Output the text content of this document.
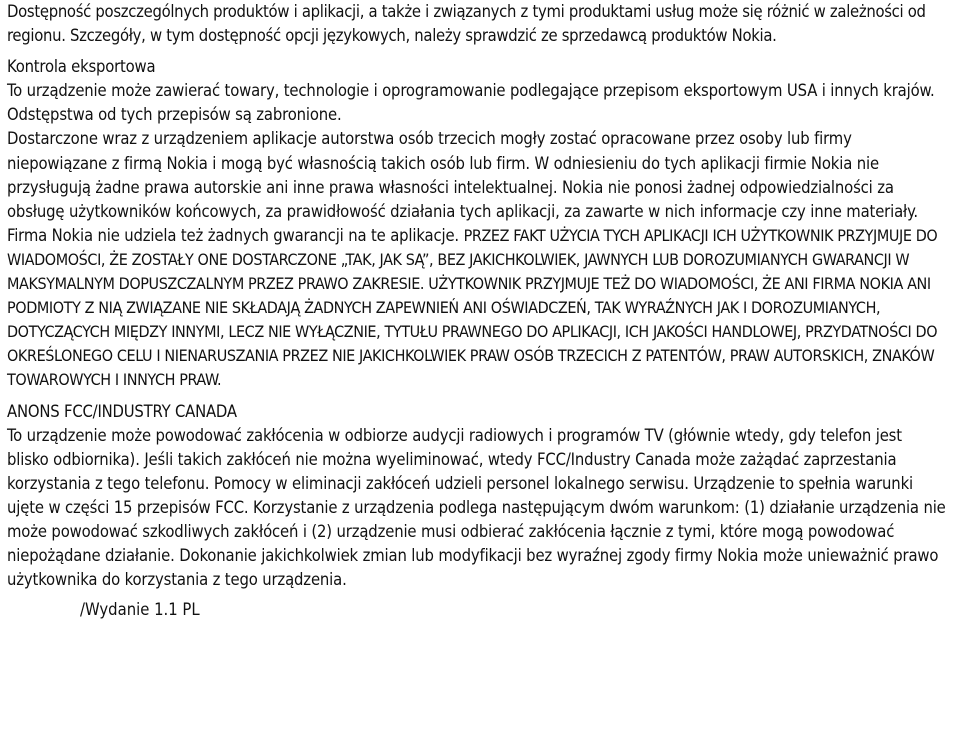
Dostępność poszczególnych produktów i aplikacji, a także i związanych z tymi produktami usług może się różnić w zależności od regionu. Szczegóły, w tym dostępność opcji językowych, należy sprawdzić ze sprzedawcą produktów Nokia.

Kontrola eksportowa

To urządzenie może zawierać towary, technologie i oprogramowanie podlegające przepisom eksportowym USA i innych krajów. Odstępstwa od tych przepisów są zabronione.

Dostarczone wraz z urządzeniem aplikacje autorstwa osób trzecich mogły zostać opracowane przez osoby lub firmy niepowiązane z firmą Nokia i mogą być własnością takich osób lub firm. W odniesieniu do tych aplikacji firmie Nokia nie przysługują żadne prawa autorskie ani inne prawa własności intelektualnej. Nokia nie ponosi żadnej odpowiedzialności za obsługę użytkowników końcowych, za prawidłowość działania tych aplikacji, za zawarte w nich informacje czy inne materiały. Firma Nokia nie udziela też żadnych gwarancji na te aplikacje. PRZEZ FAKT UŻYCIA TYCH APLIKACJI ICH UŻYTKOWNIK PRZYJMUJE DO WIADOMOŚCI, ŻE ZOSTAŁY ONE DOSTARCZONE „TAK, JAK SĄ”, BEZ JAKICHKOLWIEK, JAWNYCH LUB DOROZUMIANYCH GWARANCJI W MAKSYMALNYM DOPUSZCZALNYM PRZEZ PRAWO ZAKRESIE. UŻYTKOWNIK PRZYJMUJE TEŻ DO WIADOMOŚCI, ŻE ANI FIRMA NOKIA ANI PODMIOTY Z NIĄ ZWIĄZANE NIE SKŁADAJĄ ŻADNYCH ZAPEWNIEŃ ANI OŚWIADCZEŃ, TAK WYRAŹNYCH JAK I DOROZUMIANYCH, DOTYCZĄCYCH MIĘDZY INNYMI, LECZ NIE WYŁĄCZNIE, TYTUŁU PRAWNEGO DO APLIKACJI, ICH JAKOŚCI HANDLOWEJ, PRZYDATNOŚCI DO OKREŚLONEGO CELU I NIENARUSZANIA PRZEZ NIE JAKICHKOLWIEK PRAW OSÓB TRZECICH Z PATENTÓW, PRAW AUTORSKICH, ZNAKÓW TOWAROWYCH I INNYCH PRAW.

ANONS FCC/INDUSTRY CANADA

To urządzenie może powodować zakłócenia w odbiorze audycji radiowych i programów TV (głównie wtedy, gdy telefon jest blisko odbiornika). Jeśli takich zakłóceń nie można wyeliminować, wtedy FCC/Industry Canada może zażądać zaprzestania korzystania z tego telefonu. Pomocy w eliminacji zakłóceń udzieli personel lokalnego serwisu. Urządzenie to spełnia warunki ujęte w części 15 przepisów FCC. Korzystanie z urządzenia podlega następującym dwóm warunkom: (1) działanie urządzenia nie może powodować szkodliwych zakłóceń i (2) urządzenie musi odbierać zakłócenia łącznie z tymi, które mogą powodować niepożądane działanie. Dokonanie jakichkolwiek zmian lub modyfikacji bez wyraźnej zgody firmy Nokia może unieważnić prawo użytkownika do korzystania z tego urządzenia.

/Wydanie 1.1 PL
